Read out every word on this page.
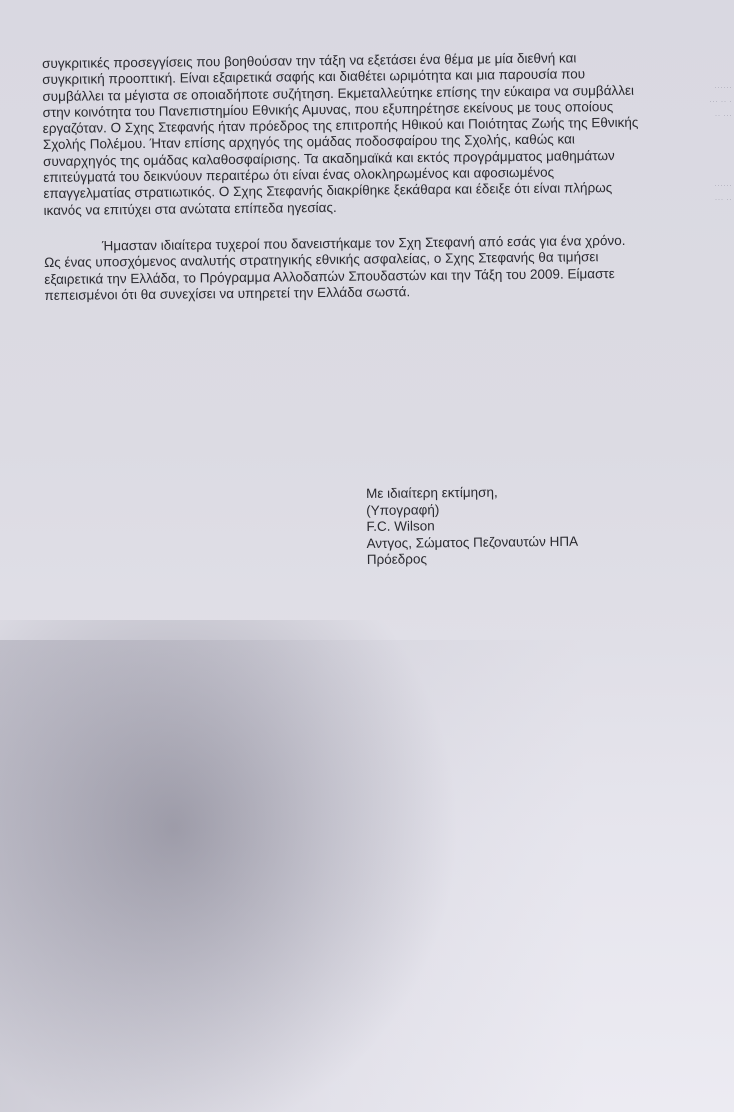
······
··· ·· ·
·· ···

······
··· ··

συγκριτικές προσεγγίσεις που βοηθούσαν την τάξη να εξετάσει ένα θέμα με μία διεθνή και συγκριτική προοπτική. Είναι εξαιρετικά σαφής και διαθέτει ωριμότητα και μια παρουσία που συμβάλλει τα μέγιστα σε οποιαδήποτε συζήτηση. Εκμεταλλεύτηκε επίσης την εύκαιρα να συμβάλλει στην κοινότητα του Πανεπιστημίου Εθνικής Αμυνας, που εξυπηρέτησε εκείνους με τους οποίους εργαζόταν. Ο Σχης Στεφανής ήταν πρόεδρος της επιτροπής Ηθικού και Ποιότητας Ζωής της Εθνικής Σχολής Πολέμου. Ήταν επίσης αρχηγός της ομάδας ποδοσφαίρου της Σχολής, καθώς και συναρχηγός της ομάδας καλαθοσφαίρισης. Τα ακαδημαϊκά και εκτός προγράμματος μαθημάτων επιτεύγματά του δεικνύουν περαιτέρω ότι είναι ένας ολοκληρωμένος και αφοσιωμένος επαγγελματίας στρατιωτικός. Ο Σχης Στεφανής διακρίθηκε ξεκάθαρα και έδειξε ότι είναι πλήρως ικανός να επιτύχει στα ανώτατα επίπεδα ηγεσίας.

Ήμασταν ιδιαίτερα τυχεροί που δανειστήκαμε τον Σχη Στεφανή από εσάς για ένα χρόνο. Ως ένας υποσχόμενος αναλυτής στρατηγικής εθνικής ασφαλείας, ο Σχης Στεφανής θα τιμήσει εξαιρετικά την Ελλάδα, το Πρόγραμμα Αλλοδαπών Σπουδαστών και την Τάξη του 2009. Είμαστε πεπεισμένοι ότι θα συνεχίσει να υπηρετεί την Ελλάδα σωστά.

Με ιδιαίτερη εκτίμηση,
(Υπογραφή)
F.C. Wilson
Αντγος, Σώματος Πεζοναυτών ΗΠΑ
Πρόεδρος
